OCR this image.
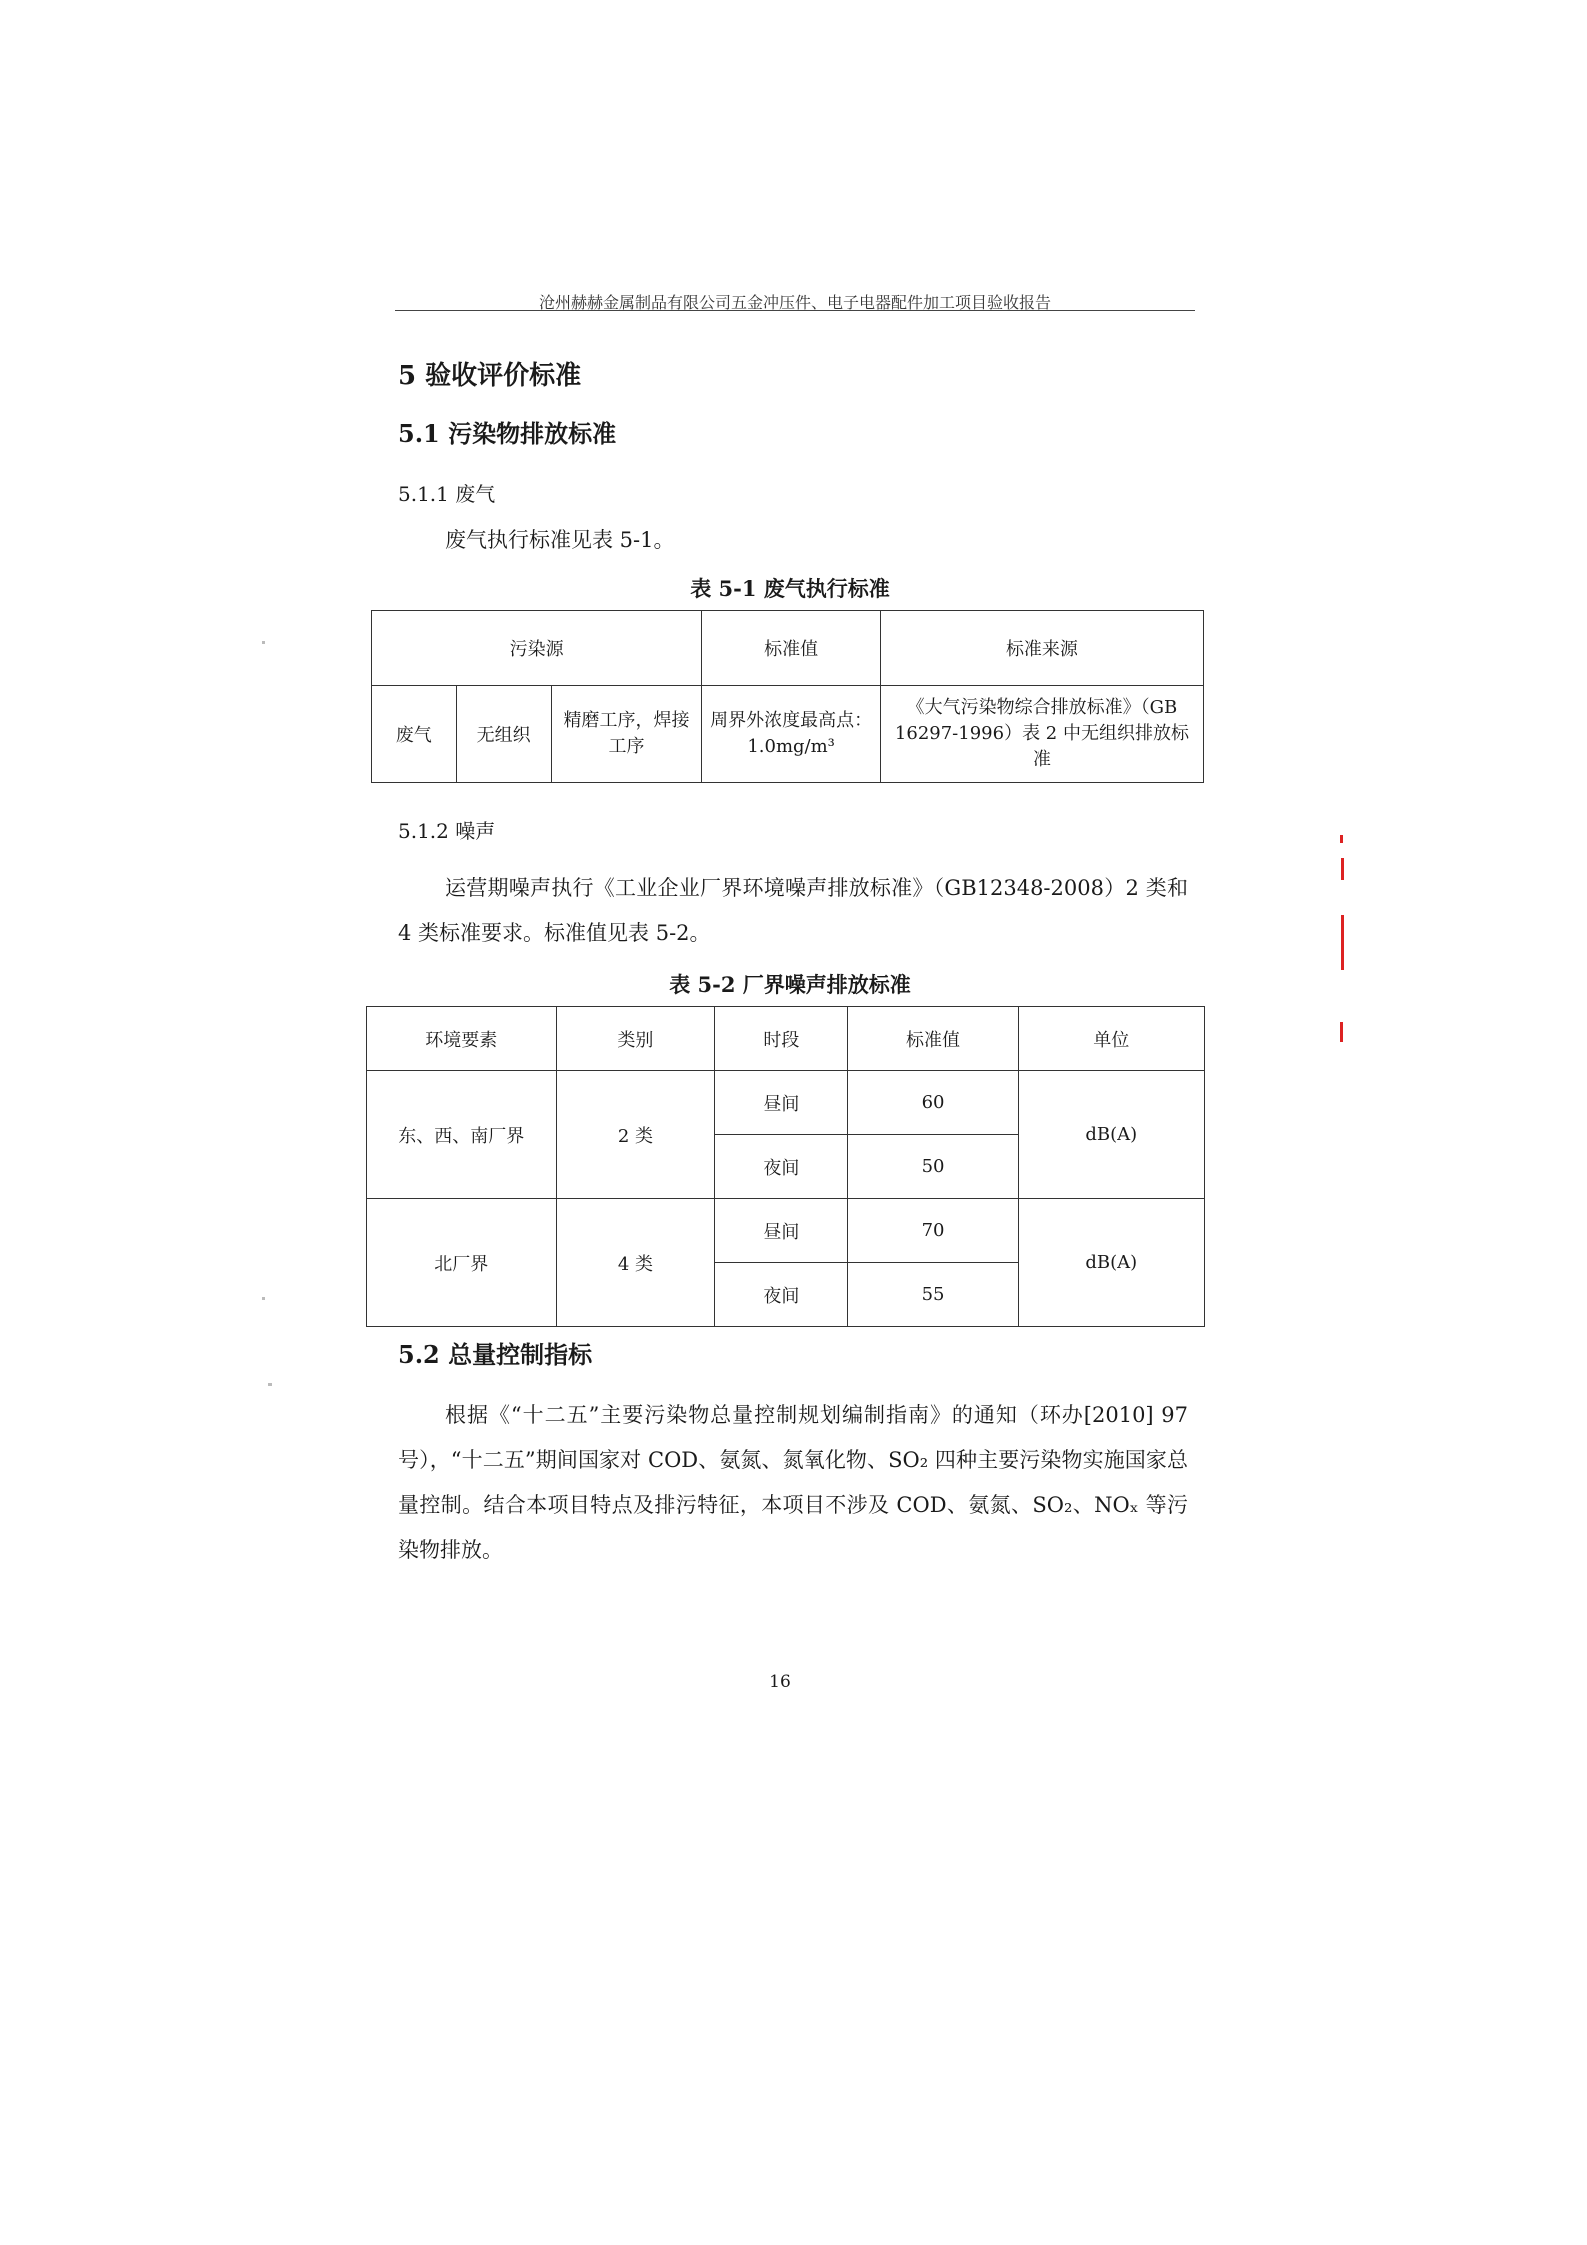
沧州赫赫金属制品有限公司五金冲压件、电子电器配件加工项目验收报告
5 验收评价标准
5.1 污染物排放标准
5.1.1 废气
废气执行标准见表 5-1。
表 5-1 废气执行标准
污染源			标准值	标准来源
废气	无组织	精磨工序，焊接工序	周界外浓度最高点：1.0mg/m³	《大气污染物综合排放标准》（GB 16297-1996）表 2 中无组织排放标准
5.1.2 噪声
运营期噪声执行《工业企业厂界环境噪声排放标准》（GB12348-2008）2 类和 4 类标准要求。标准值见表 5-2。
表 5-2 厂界噪声排放标准
环境要素	类别	时段	标准值	单位
东、西、南厂界	2 类	昼间	60	dB(A)
		夜间	50	
北厂界	4 类	昼间	70	dB(A)
		夜间	55	
5.2 总量控制指标
根据《“十二五”主要污染物总量控制规划编制指南》的通知（环办[2010] 97 号），“十二五”期间国家对 COD、氨氮、氮氧化物、SO₂ 四种主要污染物实施国家总量控制。结合本项目特点及排污特征，本项目不涉及 COD、氨氮、SO₂、NOₓ 等污染物排放。
16
